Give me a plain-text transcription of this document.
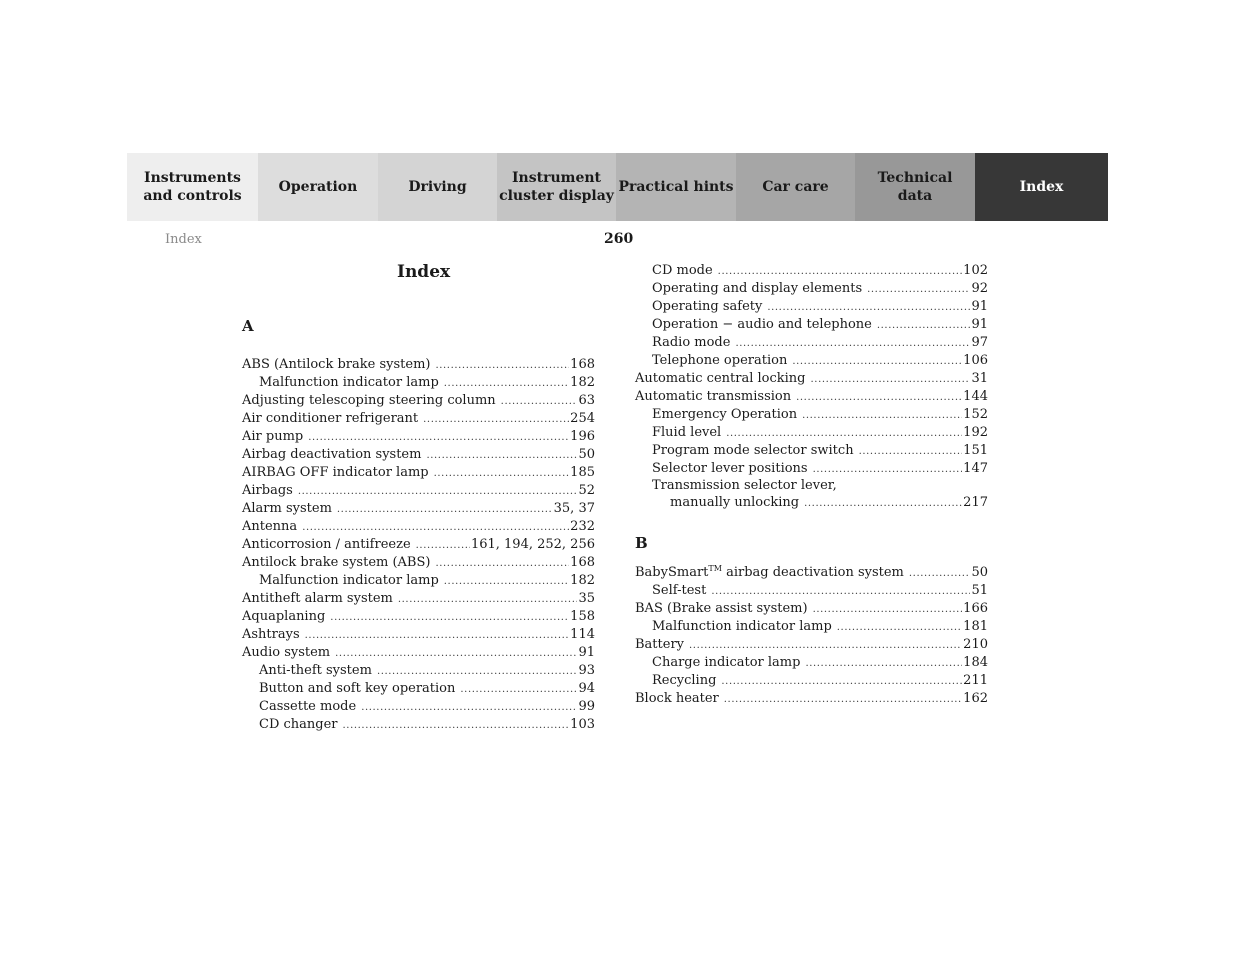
Instruments
and controls
Operation	Driving
Instrument
cluster display
Practical hints	Car care
Technical
data
Index
Index	260
Index
A
ABS (Antilock brake system) .....	168
Malfunction indicator lamp .....	182
Adjusting telescoping steering column .....	63
Air conditioner refrigerant .....	254
Air pump .....	196
Airbag deactivation system .....	50
AIRBAG OFF indicator lamp .....	185
Airbags .....	52
Alarm system .....	35, 37
Antenna .....	232
Anticorrosion / antifreeze .....	161, 194, 252, 256
Antilock brake system (ABS) .....	168
Malfunction indicator lamp .....	182
Antitheft alarm system .....	35
Aquaplaning .....	158
Ashtrays .....	114
Audio system .....	91
Anti-theft system .....	93
Button and soft key operation .....	94
Cassette mode .....	99
CD changer .....	103
CD mode .....	102
Operating and display elements .....	92
Operating safety .....	91
Operation − audio and telephone .....	91
Radio mode .....	97
Telephone operation .....	106
Automatic central locking .....	31
Automatic transmission .....	144
Emergency Operation .....	152
Fluid level .....	192
Program mode selector switch .....	151
Selector lever positions .....	147
Transmission selector lever,
manually unlocking .....	217
B
BabySmart™ airbag deactivation system .....	50
Self-test .....	51
BAS (Brake assist system) .....	166
Malfunction indicator lamp .....	181
Battery .....	210
Charge indicator lamp .....	184
Recycling .....	211
Block heater .....	162
